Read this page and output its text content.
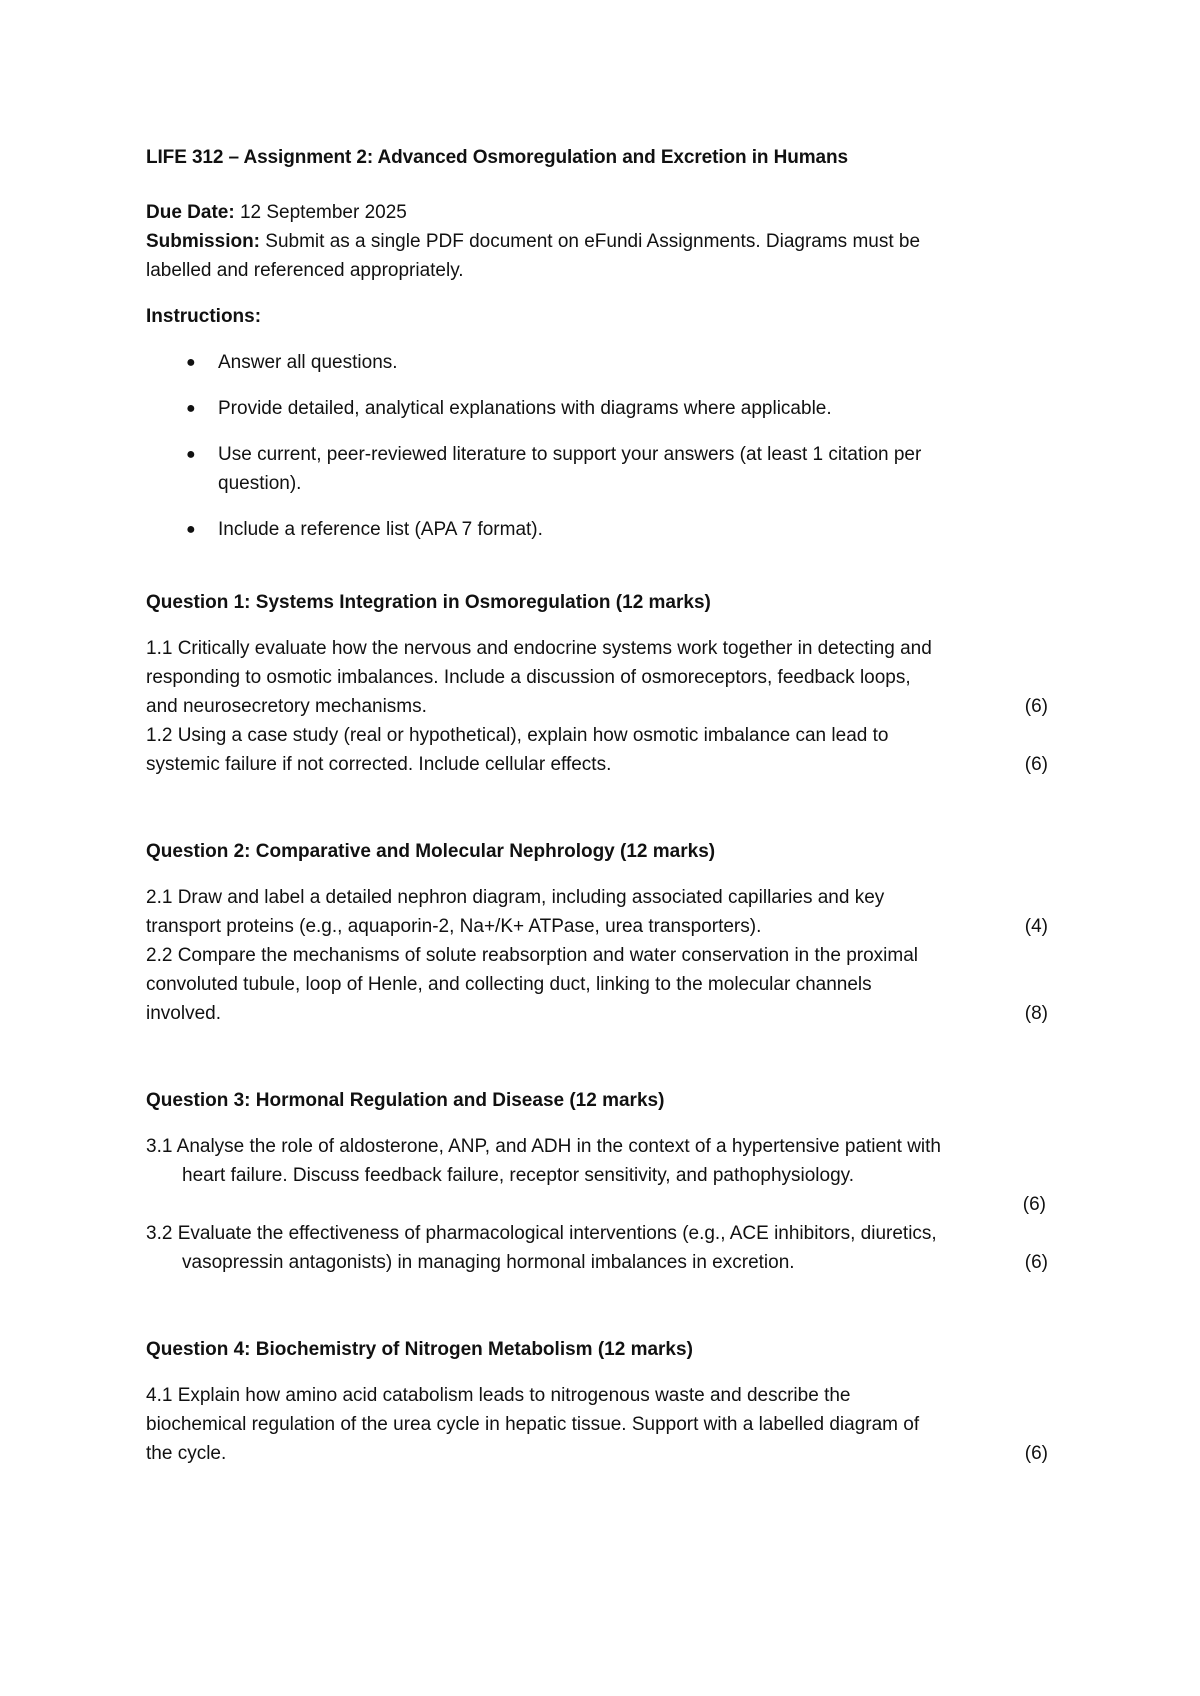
LIFE 312 – Assignment 2: Advanced Osmoregulation and Excretion in Humans

Due Date: 12 September 2025

Submission: Submit as a single PDF document on eFundi Assignments. Diagrams must be

labelled and referenced appropriately.

Instructions:

● Answer all questions.
● Provide detailed, analytical explanations with diagrams where applicable.
● Use current, peer-reviewed literature to support your answers (at least 1 citation per
question).
● Include a reference list (APA 7 format).

Question 1: Systems Integration in Osmoregulation (12 marks)

1.1 Critically evaluate how the nervous and endocrine systems work together in detecting and
responding to osmotic imbalances. Include a discussion of osmoreceptors, feedback loops,
and neurosecretory mechanisms.	(6)
1.2 Using a case study (real or hypothetical), explain how osmotic imbalance can lead to
systemic failure if not corrected. Include cellular effects.	(6)

Question 2: Comparative and Molecular Nephrology (12 marks)

2.1 Draw and label a detailed nephron diagram, including associated capillaries and key
transport proteins (e.g., aquaporin-2, Na+/K+ ATPase, urea transporters).	(4)
2.2 Compare the mechanisms of solute reabsorption and water conservation in the proximal
convoluted tubule, loop of Henle, and collecting duct, linking to the molecular channels
involved.	(8)

Question 3: Hormonal Regulation and Disease (12 marks)

3.1 Analyse the role of aldosterone, ANP, and ADH in the context of a hypertensive patient with
heart failure. Discuss feedback failure, receptor sensitivity, and pathophysiology.

(6)

3.2 Evaluate the effectiveness of pharmacological interventions (e.g., ACE inhibitors, diuretics,
vasopressin antagonists) in managing hormonal imbalances in excretion.	(6)

Question 4: Biochemistry of Nitrogen Metabolism (12 marks)

4.1 Explain how amino acid catabolism leads to nitrogenous waste and describe the
biochemical regulation of the urea cycle in hepatic tissue. Support with a labelled diagram of
the cycle.	(6)
